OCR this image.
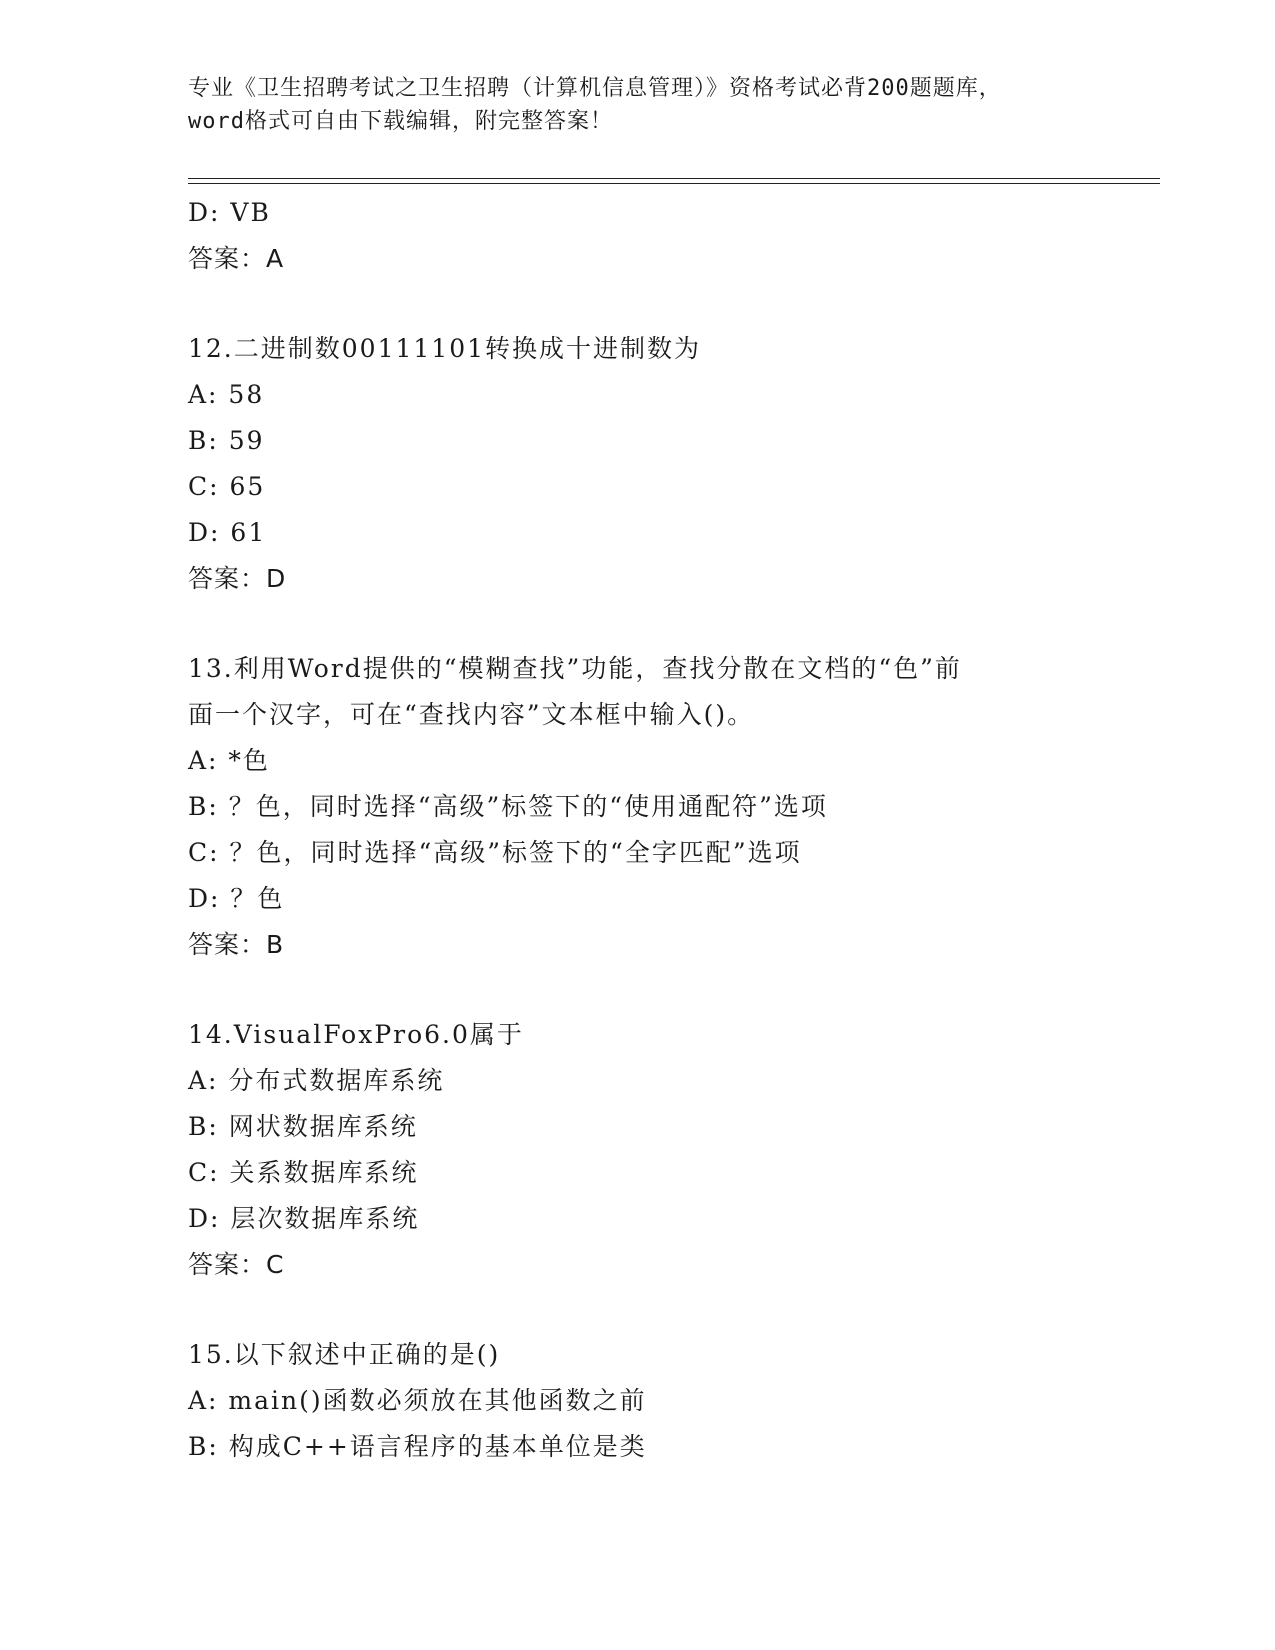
专业《卫生招聘考试之卫生招聘（计算机信息管理）》资格考试必背200题题库，
word格式可自由下载编辑，附完整答案！
D: VB
答案：A
12.二进制数00111101转换成十进制数为
A: 58
B: 59
C: 65
D: 61
答案：D
13.利用Word提供的“模糊查找”功能，查找分散在文档的“色”前
面一个汉字，可在“查找内容”文本框中输入()。
A: *色
B: ？色，同时选择“高级”标签下的“使用通配符”选项
C: ？色，同时选择“高级”标签下的“全字匹配”选项
D: ？色
答案：B
14.VisualFoxPro6.0属于
A: 分布式数据库系统
B: 网状数据库系统
C: 关系数据库系统
D: 层次数据库系统
答案：C
15.以下叙述中正确的是()
A: main()函数必须放在其他函数之前
B: 构成C++语言程序的基本单位是类
